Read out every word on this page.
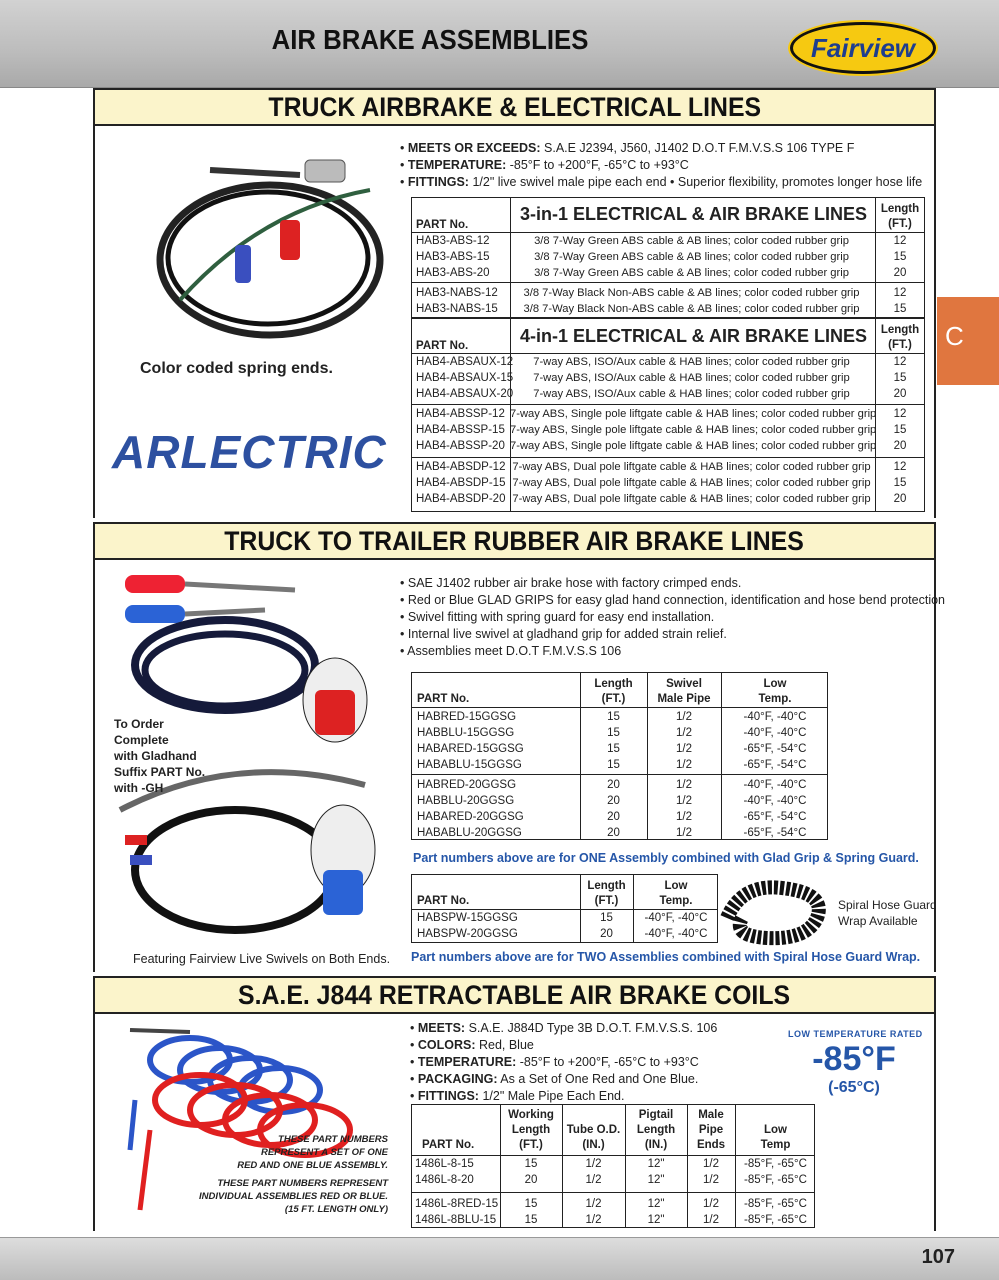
AIR BRAKE ASSEMBLIES	Fairview
C
TRUCK AIRBRAKE & ELECTRICAL LINES
Color coded spring ends.
ARLECTRIC
• MEETS OR EXCEEDS: S.A.E J2394, J560, J1402 D.O.T F.M.V.S.S 106 TYPE F
• TEMPERATURE: -85°F to +200°F, -65°C to +93°C
• FITTINGS: 1/2" live swivel male pipe each end • Superior flexibility, promotes longer hose life
PART No.
3-in-1 ELECTRICAL & AIR BRAKE LINES	Length
(FT.)
HAB3-ABS-12	3/8 7-Way Green ABS cable & AB lines; color coded rubber grip	12
HAB3-ABS-15	3/8 7-Way Green ABS cable & AB lines; color coded rubber grip	15
HAB3-ABS-20	3/8 7-Way Green ABS cable & AB lines; color coded rubber grip	20
HAB3-NABS-12	3/8 7-Way Black Non-ABS cable & AB lines; color coded rubber grip	12
HAB3-NABS-15	3/8 7-Way Black Non-ABS cable & AB lines; color coded rubber grip	15
PART No.	4-in-1 ELECTRICAL & AIR BRAKE LINES	Length
(FT.)
HAB4-ABSAUX-12	7-way ABS, ISO/Aux cable & HAB lines; color coded rubber grip	12
HAB4-ABSAUX-15	7-way ABS, ISO/Aux cable & HAB lines; color coded rubber grip	15
HAB4-ABSAUX-20	7-way ABS, ISO/Aux cable & HAB lines; color coded rubber grip	20
HAB4-ABSSP-12 7-way ABS, Single pole liftgate cable & HAB lines; color coded rubber grip	12
HAB4-ABSSP-15 7-way ABS, Single pole liftgate cable & HAB lines; color coded rubber grip	15
HAB4-ABSSP-20 7-way ABS, Single pole liftgate cable & HAB lines; color coded rubber grip	20
HAB4-ABSDP-12 7-way ABS, Dual pole liftgate cable & HAB lines; color coded rubber grip	12
HAB4-ABSDP-15 7-way ABS, Dual pole liftgate cable & HAB lines; color coded rubber grip	15
HAB4-ABSDP-20 7-way ABS, Dual pole liftgate cable & HAB lines; color coded rubber grip	20
TRUCK TO TRAILER RUBBER AIR BRAKE LINES
To Order
Complete
with Gladhand
Suffix PART No.
with -GH
Featuring Fairview Live Swivels on Both Ends.
• SAE J1402 rubber air brake hose with factory crimped ends.
• Red or Blue GLAD GRIPS for easy glad hand connection, identification and hose bend protection
• Swivel fitting with spring guard for easy end installation.
• Internal live swivel at gladhand grip for added strain relief.
• Assemblies meet D.O.T F.M.V.S.S 106
PART No.
Length
(FT.)
Swivel
Male Pipe
Low
Temp.
HABRED-15GGSG	15	1/2	-40°F, -40°C
HABBLU-15GGSG	15	1/2	-40°F, -40°C
HABARED-15GGSG	15	1/2	-65°F, -54°C
HABABLU-15GGSG	15	1/2	-65°F, -54°C
HABRED-20GGSG	20	1/2	-40°F, -40°C
HABBLU-20GGSG	20	1/2	-40°F, -40°C
HABARED-20GGSG	20	1/2	-65°F, -54°C
HABABLU-20GGSG	20	1/2	-65°F, -54°C
Part numbers above are for ONE Assembly combined with Glad Grip & Spring Guard.
PART No.
Length
(FT.)
Low
Temp.
HABSPW-15GGSG	15	-40°F, -40°C
HABSPW-20GGSG	20	-40°F, -40°C
Spiral Hose Guard
Wrap Available
Part numbers above are for TWO Assemblies combined with Spiral Hose Guard Wrap.
S.A.E. J844 RETRACTABLE AIR BRAKE COILS
• MEETS: S.A.E. J884D Type 3B D.O.T. F.M.V.S.S. 106
• COLORS: Red, Blue
• TEMPERATURE: -85°F to +200°F, -65°C to +93°C
• PACKAGING: As a Set of One Red and One Blue.
• FITTINGS: 1/2" Male Pipe Each End.
LOW TEMPERATURE RATED
-85°F
(-65°C)
THESE PART NUMBERS
REPRESENT A SET OF ONE
RED AND ONE BLUE ASSEMBLY.
THESE PART NUMBERS REPRESENT
INDIVIDUAL ASSEMBLIES RED OR BLUE.
(15 FT. LENGTH ONLY)
PART No.
Working
Length
(FT.)
Tube O.D.
(IN.)
Pigtail
Length
(IN.)
Male
Pipe
Ends
Low
Temp
1486L-8-15	15	1/2	12"	1/2	-85°F, -65°C
1486L-8-20	20	1/2	12"	1/2	-85°F, -65°C
1486L-8RED-15	15	1/2	12"	1/2	-85°F, -65°C
1486L-8BLU-15	15	1/2	12"	1/2	-85°F, -65°C
107
